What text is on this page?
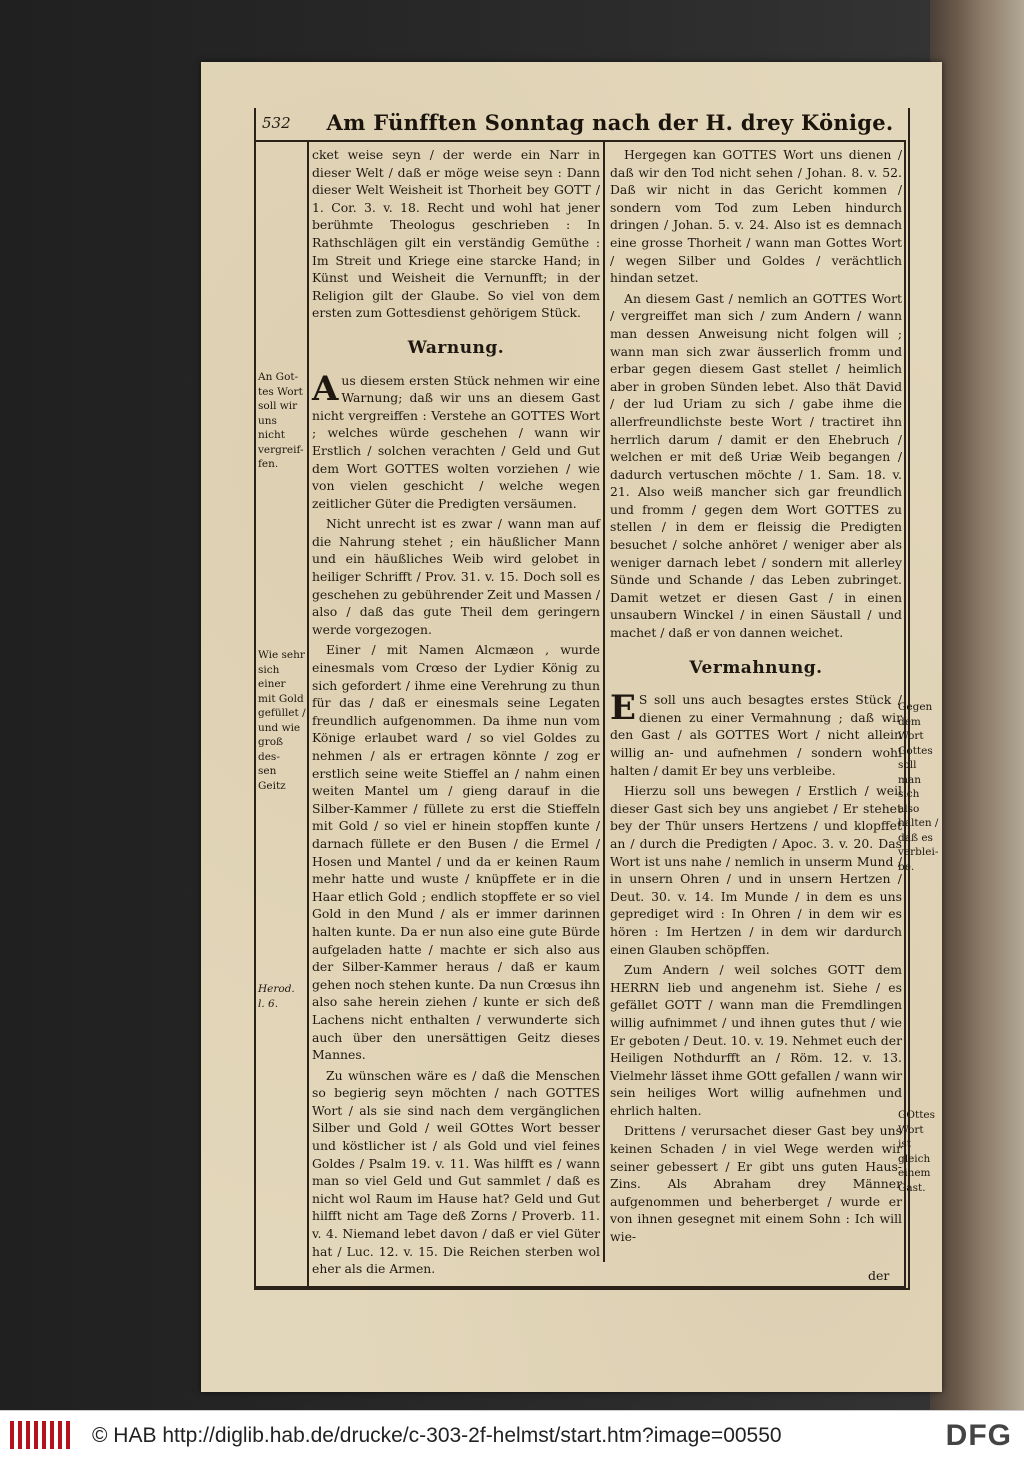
532	Am Fünfften Sonntag nach der H. drey Könige.

cket weise seyn / der werde ein Narr in dieser Welt / daß er möge weise seyn : Dann dieser Welt Weisheit ist Thorheit bey GOTT / 1. Cor. 3. v. 18. Recht und wohl hat jener berühmte Theologus geschrieben : In Rathschlägen gilt ein verständig Gemüthe : Im Streit und Kriege eine starcke Hand; in Künst und Weisheit die Vernunfft; in der Religion gilt der Glaube. So viel von dem ersten zum Gottesdienst gehörigem Stück.

Warnung.

Aus diesem ersten Stück nehmen wir eine Warnung; daß wir uns an diesem Gast nicht vergreiffen : Verstehe an GOTTES Wort ; welches würde geschehen / wann wir Erstlich / solchen verachten / Geld und Gut dem Wort GOTTES wolten vorziehen / wie von vielen geschicht / welche wegen zeitlicher Güter die Predigten versäumen.

Nicht unrecht ist es zwar / wann man auf die Nahrung stehet ; ein häußlicher Mann und ein häußliches Weib wird gelobet in heiliger Schrifft / Prov. 31. v. 15. Doch soll es geschehen zu gebührender Zeit und Massen / also / daß das gute Theil dem geringern werde vorgezogen.

Einer / mit Namen Alcmæon , wurde einesmals vom Crœso der Lydier König zu sich gefordert / ihme eine Verehrung zu thun für das / daß er einesmals seine Legaten freundlich aufgenommen. Da ihme nun vom Könige erlaubet ward / so viel Goldes zu nehmen / als er ertragen könnte / zog er erstlich seine weite Stieffel an / nahm einen weiten Mantel um / gieng darauf in die Silber-Kammer / füllete zu erst die Stieffeln mit Gold / so viel er hinein stopffen kunte / darnach füllete er den Busen / die Ermel / Hosen und Mantel / und da er keinen Raum mehr hatte und wuste / knüpffete er in die Haar etlich Gold ; endlich stopffete er so viel Gold in den Mund / als er immer darinnen halten kunte. Da er nun also eine gute Bürde aufgeladen hatte / machte er sich also aus der Silber-Kammer heraus / daß er kaum gehen noch stehen kunte. Da nun Crœsus ihn also sahe herein ziehen / kunte er sich deß Lachens nicht enthalten / verwunderte sich auch über den unersättigen Geitz dieses Mannes.

Zu wünschen wäre es / daß die Menschen so begierig seyn möchten / nach GOTTES Wort / als sie sind nach dem vergänglichen Silber und Gold / weil GOttes Wort besser und köstlicher ist / als Gold und viel feines Goldes / Psalm 19. v. 11. Was hilfft es / wann man so viel Geld und Gut sammlet / daß es nicht wol Raum im Hause hat? Geld und Gut hilfft nicht am Tage deß Zorns / Proverb. 11. v. 4. Niemand lebet davon / daß er viel Güter hat / Luc. 12. v. 15. Die Reichen sterben wol eher als die Armen.

Hergegen kan GOTTES Wort uns dienen / daß wir den Tod nicht sehen / Johan. 8. v. 52. Daß wir nicht in das Gericht kommen / sondern vom Tod zum Leben hindurch dringen / Johan. 5. v. 24. Also ist es demnach eine grosse Thorheit / wann man Gottes Wort / wegen Silber und Goldes / verächtlich hindan setzet.

An diesem Gast / nemlich an GOTTES Wort / vergreiffet man sich / zum Andern / wann man dessen Anweisung nicht folgen will ; wann man sich zwar äusserlich fromm und erbar gegen diesem Gast stellet / heimlich aber in groben Sünden lebet. Also thät David / der lud Uriam zu sich / gabe ihme die allerfreundlichste beste Wort / tractiret ihn herrlich darum / damit er den Ehebruch / welchen er mit deß Uriæ Weib begangen / dadurch vertuschen möchte / 1. Sam. 18. v. 21. Also weiß mancher sich gar freundlich und fromm / gegen dem Wort GOTTES zu stellen / in dem er fleissig die Predigten besuchet / solche anhöret / weniger aber als weniger darnach lebet / sondern mit allerley Sünde und Schande / das Leben zubringet. Damit wetzet er diesen Gast / in einen unsaubern Winckel / in einen Säustall / und machet / daß er von dannen weichet.

Vermahnung.

E S soll uns auch besagtes erstes Stück / dienen zu einer Vermahnung ; daß wir den Gast / als GOTTES Wort / nicht allein willig an- und aufnehmen / sondern wohl halten / damit Er bey uns verbleibe.

Hierzu soll uns bewegen / Erstlich / weil dieser Gast sich bey uns angiebet / Er stehet bey der Thür unsers Hertzens / und klopffet an / durch die Predigten / Apoc. 3. v. 20. Das Wort ist uns nahe / nemlich in unserm Mund / in unsern Ohren / und in unsern Hertzen / Deut. 30. v. 14. Im Munde / in dem es uns geprediget wird : In Ohren / in dem wir es hören : Im Hertzen / in dem wir dardurch einen Glauben schöpffen.

Zum Andern / weil solches GOTT dem HERRN lieb und angenehm ist. Siehe / es gefället GOTT / wann man die Fremdlingen willig aufnimmet / und ihnen gutes thut / wie Er geboten / Deut. 10. v. 19. Nehmet euch der Heiligen Nothdurfft an / Röm. 12. v. 13. Vielmehr lässet ihme GOtt gefallen / wann wir sein heiliges Wort willig aufnehmen und ehrlich halten.

Drittens / verursachet dieser Gast bey uns keinen Schaden / in viel Wege werden wir seiner gebessert / Er gibt uns guten Haus-Zins. Als Abraham drey Männer aufgenommen und beherberget / wurde er von ihnen gesegnet mit einem Sohn : Ich will wie-

An Got-
tes Wort
soll wir
uns nicht
vergreif-
fen.
Wie sehr
sich einer
mit Gold
gefüllet /
und wie
groß des-
sen Geitz
Herod.
l. 6.
Gegen
dem
Wort
Gottes
soll man
sich also
halten /
daß es
verblei-
be.
GOttes
Wort
ist gleich
einem
Gast.
der
© HAB http://diglib.hab.de/drucke/c-303-2f-helmst/start.htm?image=00550	DFG
